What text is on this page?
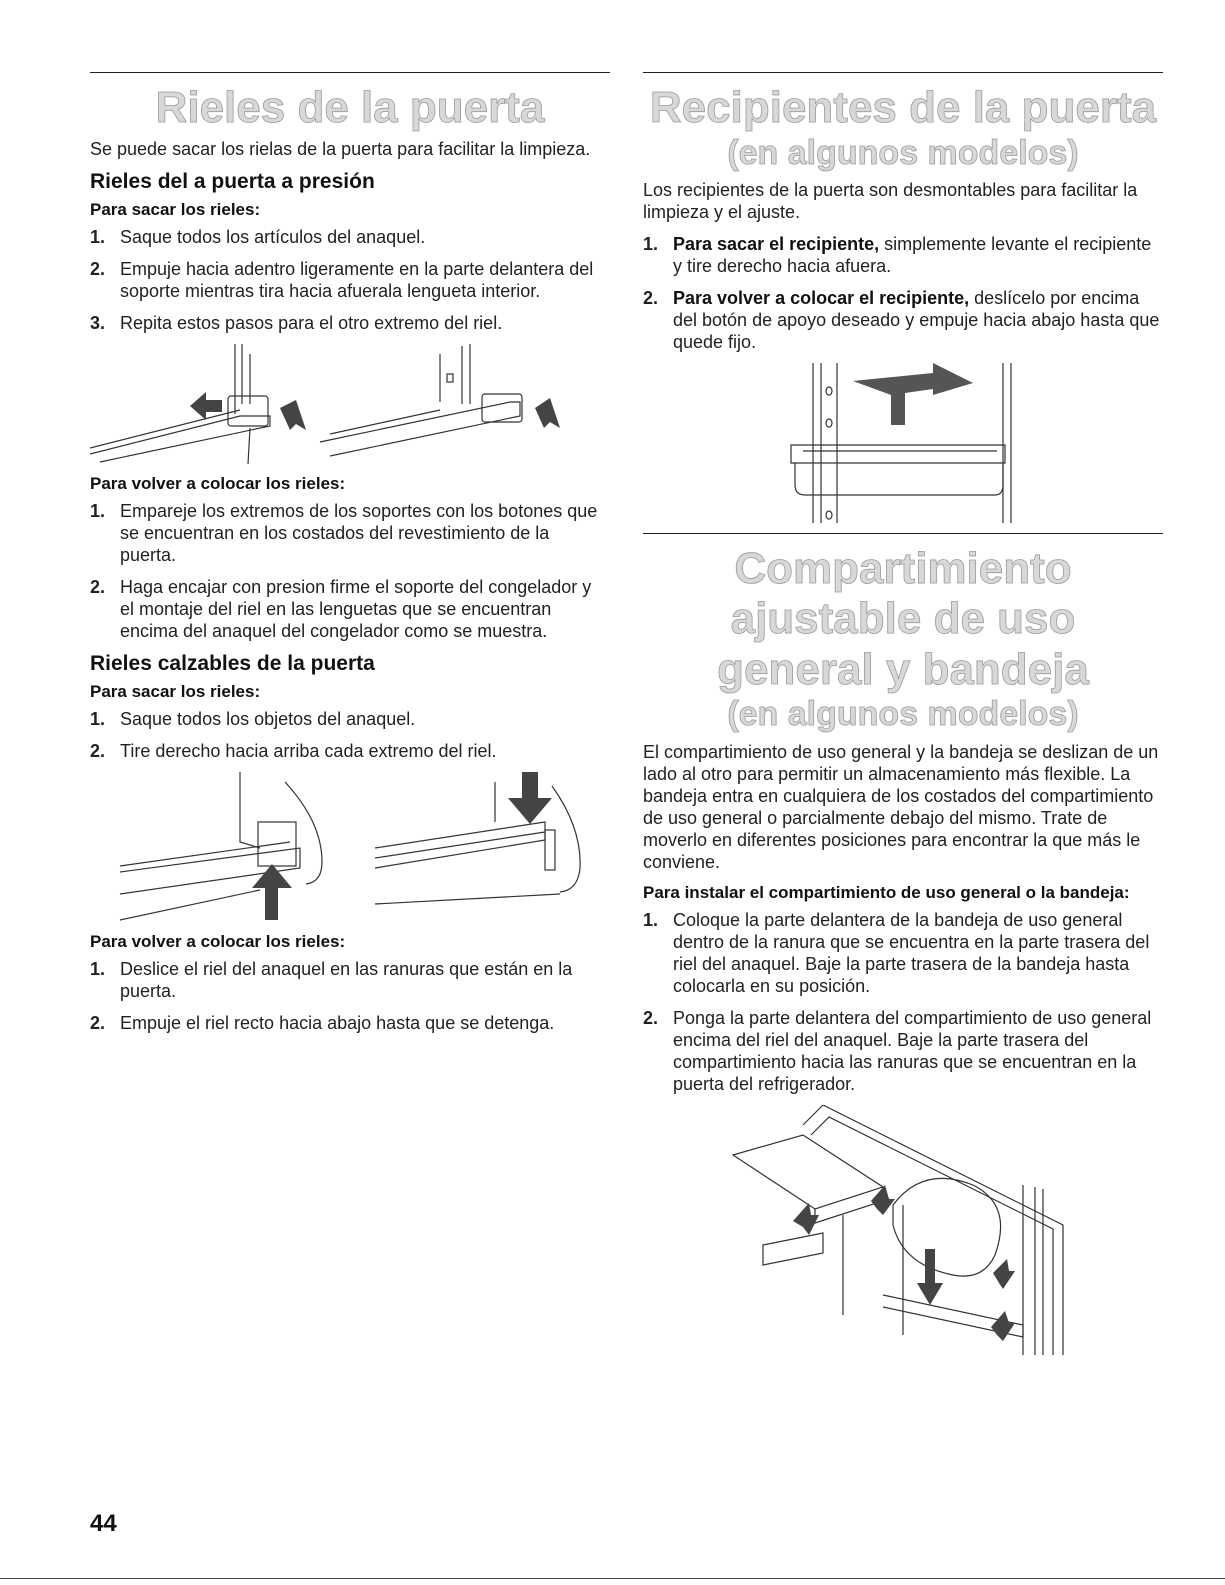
Rieles de la puerta

Se puede sacar los rielas de la puerta para facilitar la limpieza.

Rieles del a puerta a presión
Para sacar los rieles:
1. Saque todos los artículos del anaquel.
2. Empuje hacia adentro ligeramente en la parte delantera del soporte mientras tira hacia afuerala lengueta interior.
3. Repita estos pasos para el otro extremo del riel.
Para volver a colocar los rieles:
1. Empareje los extremos de los soportes con los botones que se encuentran en los costados del revestimiento de la puerta.
2. Haga encajar con presion firme el soporte del congelador y el montaje del riel en las lenguetas que se encuentran encima del anaquel del congelador como se muestra.
Rieles calzables de la puerta
Para sacar los rieles:
1. Saque todos los objetos del anaquel.
2. Tire derecho hacia arriba cada extremo del riel.
Para volver a colocar los rieles:
1. Deslice el riel del anaquel en las ranuras que están en la puerta.
2. Empuje el riel recto hacia abajo hasta que se detenga.
Recipientes de la puerta
(en algunos modelos)

Los recipientes de la puerta son desmontables para facilitar la limpieza y el ajuste.

1. Para sacar el recipiente, simplemente levante el recipiente y tire derecho hacia afuera.
2. Para volver a colocar el recipiente, deslícelo por encima del botón de apoyo deseado y empuje hacia abajo hasta que quede fijo.
Compartimiento ajustable de uso
general y bandeja
(en algunos modelos)

El compartimiento de uso general y la bandeja se deslizan de un lado al otro para permitir un almacenamiento más flexible. La bandeja entra en cualquiera de los costados del compartimiento de uso general o parcialmente debajo del mismo. Trate de moverlo en diferentes posiciones para encontrar la que más le conviene.

Para instalar el compartimiento de uso general o la bandeja:
1. Coloque la parte delantera de la bandeja de uso general dentro de la ranura que se encuentra en la parte trasera del riel del anaquel. Baje la parte trasera de la bandeja hasta colocarla en su posición.
2. Ponga la parte delantera del compartimiento de uso general encima del riel del anaquel. Baje la parte trasera del compartimiento hacia las ranuras que se encuentran en la puerta del refrigerador.
44
